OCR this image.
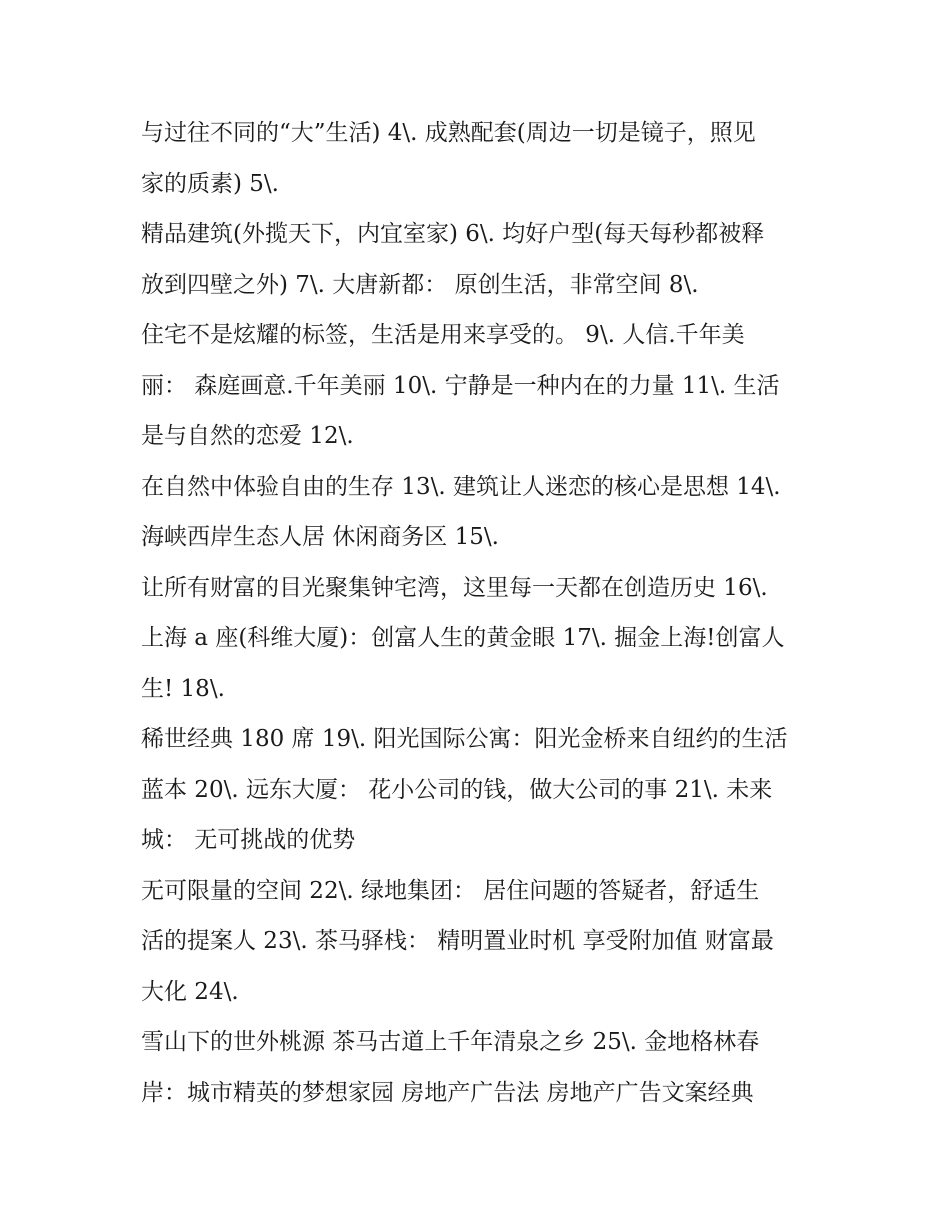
与过往不同的“大”生活) 4\. 成熟配套(周边一切是镜子，照见
家的质素) 5\.
精品建筑(外揽天下，内宜室家) 6\. 均好户型(每天每秒都被释
放到四壁之外) 7\. 大唐新都： 原创生活，非常空间 8\.
住宅不是炫耀的标签，生活是用来享受的。 9\. 人信.千年美
丽： 森庭画意.千年美丽 10\. 宁静是一种内在的力量 11\. 生活
是与自然的恋爱 12\.
在自然中体验自由的生存 13\. 建筑让人迷恋的核心是思想 14\.
海峡西岸生态人居 休闲商务区 15\.
让所有财富的目光聚集钟宅湾，这里每一天都在创造历史 16\.
上海 a 座(科维大厦)：创富人生的黄金眼 17\. 掘金上海!创富人
生! 18\.
稀世经典 180 席 19\. 阳光国际公寓：阳光金桥来自纽约的生活
蓝本 20\. 远东大厦： 花小公司的钱，做大公司的事 21\. 未来
城： 无可挑战的优势
无可限量的空间 22\. 绿地集团： 居住问题的答疑者，舒适生
活的提案人 23\. 茶马驿栈： 精明置业时机 享受附加值 财富最
大化 24\.
雪山下的世外桃源 茶马古道上千年清泉之乡 25\. 金地格林春
岸：城市精英的梦想家园 房地产广告法 房地产广告文案经典
